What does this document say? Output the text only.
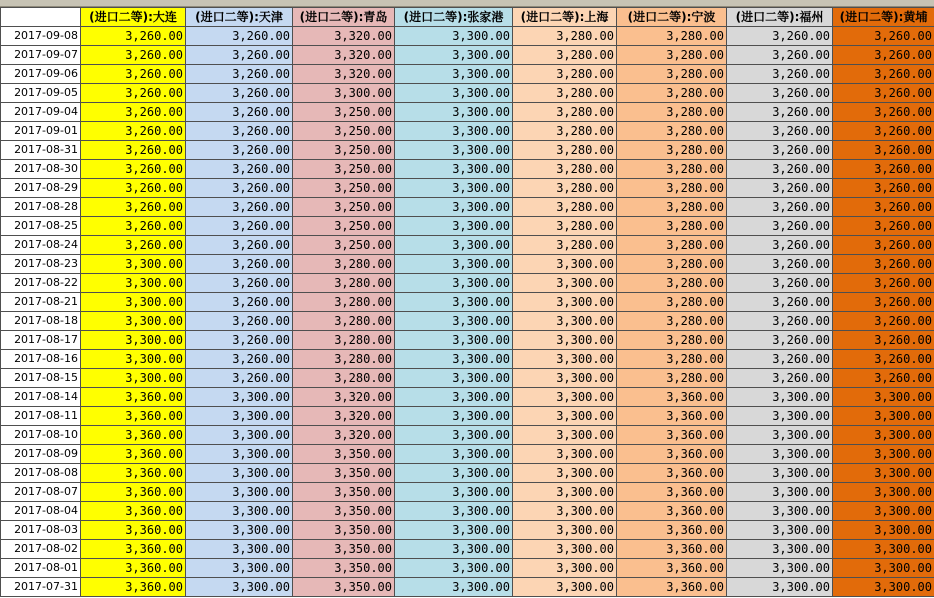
	(进口二等):大连	(进口二等):天津	(进口二等):青岛	(进口二等):张家港	(进口二等):上海	(进口二等):宁波	(进口二等):福州	(进口二等):黄埔
2017-09-08	3,260.00	3,260.00	3,320.00	3,300.00	3,280.00	3,280.00	3,260.00	3,260.00
2017-09-07	3,260.00	3,260.00	3,320.00	3,300.00	3,280.00	3,280.00	3,260.00	3,260.00
2017-09-06	3,260.00	3,260.00	3,320.00	3,300.00	3,280.00	3,280.00	3,260.00	3,260.00
2017-09-05	3,260.00	3,260.00	3,300.00	3,300.00	3,280.00	3,280.00	3,260.00	3,260.00
2017-09-04	3,260.00	3,260.00	3,250.00	3,300.00	3,280.00	3,280.00	3,260.00	3,260.00
2017-09-01	3,260.00	3,260.00	3,250.00	3,300.00	3,280.00	3,280.00	3,260.00	3,260.00
2017-08-31	3,260.00	3,260.00	3,250.00	3,300.00	3,280.00	3,280.00	3,260.00	3,260.00
2017-08-30	3,260.00	3,260.00	3,250.00	3,300.00	3,280.00	3,280.00	3,260.00	3,260.00
2017-08-29	3,260.00	3,260.00	3,250.00	3,300.00	3,280.00	3,280.00	3,260.00	3,260.00
2017-08-28	3,260.00	3,260.00	3,250.00	3,300.00	3,280.00	3,280.00	3,260.00	3,260.00
2017-08-25	3,260.00	3,260.00	3,250.00	3,300.00	3,280.00	3,280.00	3,260.00	3,260.00
2017-08-24	3,260.00	3,260.00	3,250.00	3,300.00	3,280.00	3,280.00	3,260.00	3,260.00
2017-08-23	3,300.00	3,260.00	3,280.00	3,300.00	3,300.00	3,280.00	3,260.00	3,260.00
2017-08-22	3,300.00	3,260.00	3,280.00	3,300.00	3,300.00	3,280.00	3,260.00	3,260.00
2017-08-21	3,300.00	3,260.00	3,280.00	3,300.00	3,300.00	3,280.00	3,260.00	3,260.00
2017-08-18	3,300.00	3,260.00	3,280.00	3,300.00	3,300.00	3,280.00	3,260.00	3,260.00
2017-08-17	3,300.00	3,260.00	3,280.00	3,300.00	3,300.00	3,280.00	3,260.00	3,260.00
2017-08-16	3,300.00	3,260.00	3,280.00	3,300.00	3,300.00	3,280.00	3,260.00	3,260.00
2017-08-15	3,300.00	3,260.00	3,280.00	3,300.00	3,300.00	3,280.00	3,260.00	3,260.00
2017-08-14	3,360.00	3,300.00	3,320.00	3,300.00	3,300.00	3,360.00	3,300.00	3,300.00
2017-08-11	3,360.00	3,300.00	3,320.00	3,300.00	3,300.00	3,360.00	3,300.00	3,300.00
2017-08-10	3,360.00	3,300.00	3,320.00	3,300.00	3,300.00	3,360.00	3,300.00	3,300.00
2017-08-09	3,360.00	3,300.00	3,350.00	3,300.00	3,300.00	3,360.00	3,300.00	3,300.00
2017-08-08	3,360.00	3,300.00	3,350.00	3,300.00	3,300.00	3,360.00	3,300.00	3,300.00
2017-08-07	3,360.00	3,300.00	3,350.00	3,300.00	3,300.00	3,360.00	3,300.00	3,300.00
2017-08-04	3,360.00	3,300.00	3,350.00	3,300.00	3,300.00	3,360.00	3,300.00	3,300.00
2017-08-03	3,360.00	3,300.00	3,350.00	3,300.00	3,300.00	3,360.00	3,300.00	3,300.00
2017-08-02	3,360.00	3,300.00	3,350.00	3,300.00	3,300.00	3,360.00	3,300.00	3,300.00
2017-08-01	3,360.00	3,300.00	3,350.00	3,300.00	3,300.00	3,360.00	3,300.00	3,300.00
2017-07-31	3,360.00	3,300.00	3,350.00	3,300.00	3,300.00	3,360.00	3,300.00	3,300.00
